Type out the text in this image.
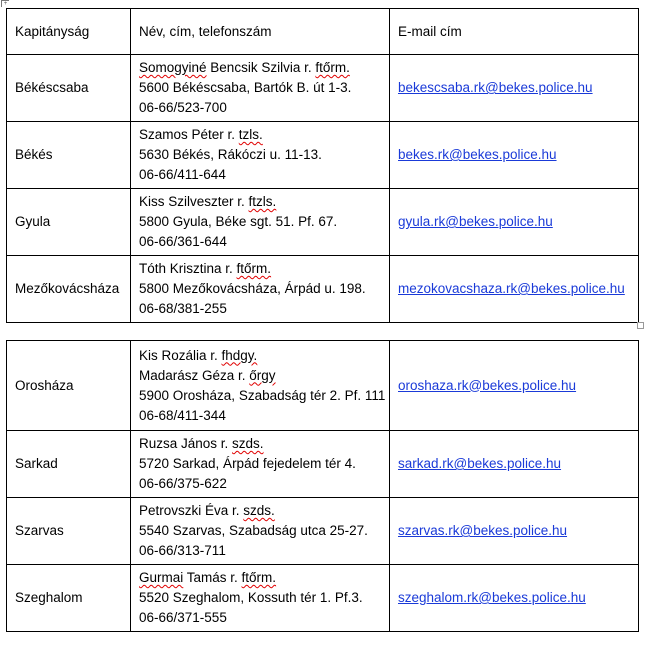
+
Kapitányság	Név, cím, telefonszám	E-mail cím
Békéscsaba	Somogyiné Bencsik Szilvia r. ftőrm.
5600 Békéscsaba, Bartók B. út 1-3.
06-66/523-700	bekescsaba.rk@bekes.police.hu
Békés	Szamos Péter r. tzls.
5630 Békés, Rákóczi u. 11-13.
06-66/411-644	bekes.rk@bekes.police.hu
Gyula	Kiss Szilveszter r. ftzls.
5800 Gyula, Béke sgt. 51. Pf. 67.
06-66/361-644	gyula.rk@bekes.police.hu
Mezőkovácsháza	Tóth Krisztina r. ftőrm.
5800 Mezőkovácsháza, Árpád u. 198.
06-68/381-255	mezokovacshaza.rk@bekes.police.hu
Orosháza	Kis Rozália r. fhdgy.
Madarász Géza r. őrgy
5900 Orosháza, Szabadság tér 2. Pf. 111
06-68/411-344	oroshaza.rk@bekes.police.hu
Sarkad	Ruzsa János r. szds.
5720 Sarkad, Árpád fejedelem tér 4.
06-66/375-622	sarkad.rk@bekes.police.hu
Szarvas	Petrovszki Éva r. szds.
5540 Szarvas, Szabadság utca 25-27.
06-66/313-711	szarvas.rk@bekes.police.hu
Szeghalom	Gurmai Tamás r. ftőrm.
5520 Szeghalom, Kossuth tér 1. Pf.3.
06-66/371-555	szeghalom.rk@bekes.police.hu
